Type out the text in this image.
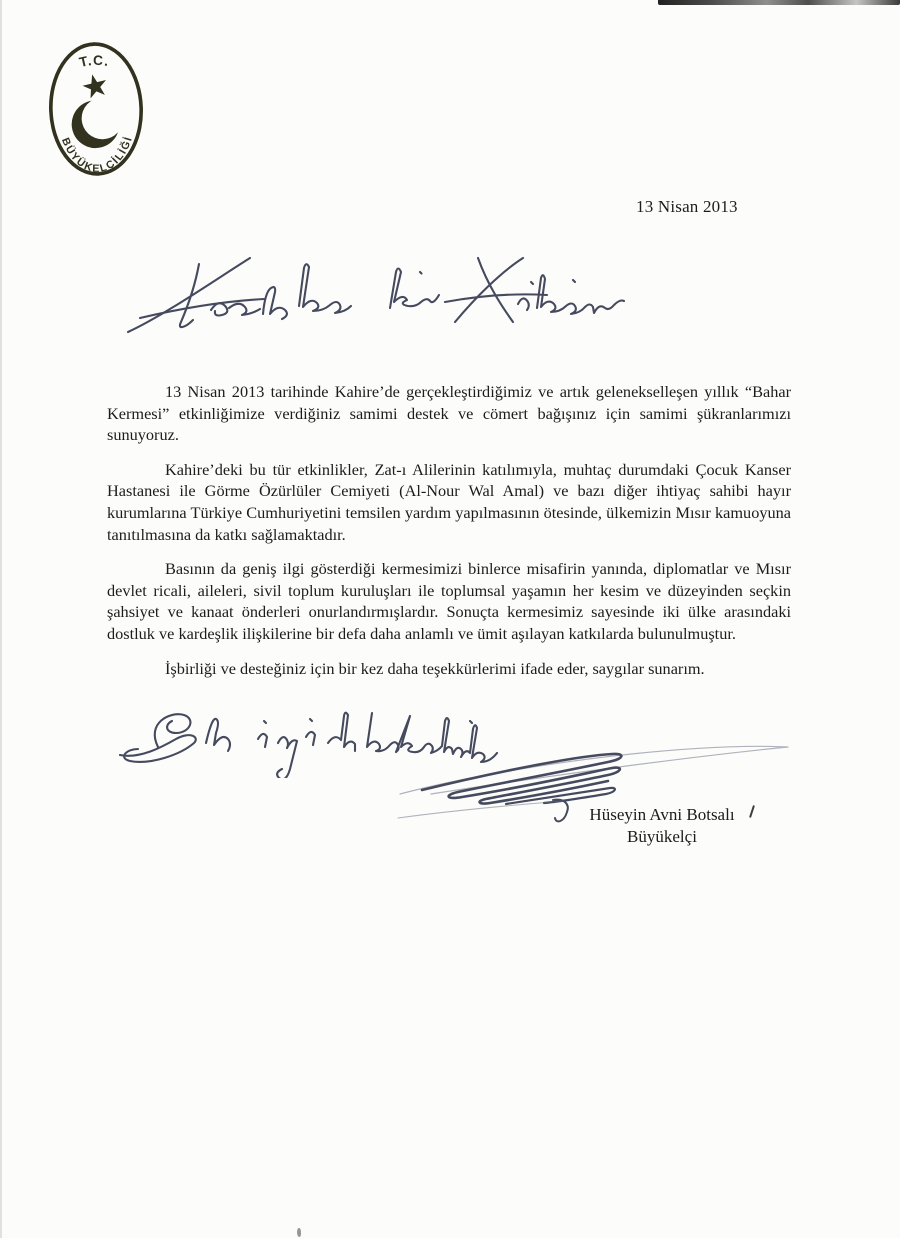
T.C.
BÜYÜKELÇİLİĞİ
13 Nisan 2013

13 Nisan 2013 tarihinde Kahire’de gerçekleştirdiğimiz ve artık gelenekselleşen yıllık “Bahar Kermesi” etkinliğimize verdiğiniz samimi destek ve cömert bağışınız için samimi şükranlarımızı sunuyoruz.

Kahire’deki bu tür etkinlikler, Zat-ı Alilerinin katılımıyla, muhtaç durumdaki Çocuk Kanser Hastanesi ile Görme Özürlüler Cemiyeti (Al-Nour Wal Amal) ve bazı diğer ihtiyaç sahibi hayır kurumlarına Türkiye Cumhuriyetini temsilen yardım yapılmasının ötesinde, ülkemizin Mısır kamuoyuna tanıtılmasına da katkı sağlamaktadır.

Basının da geniş ilgi gösterdiği kermesimizi binlerce misafirin yanında, diplomatlar ve Mısır devlet ricali, aileleri, sivil toplum kuruluşları ile toplumsal yaşamın her kesim ve düzeyinden seçkin şahsiyet ve kanaat önderleri onurlandırmışlardır. Sonuçta kermesimiz sayesinde iki ülke arasındaki dostluk ve kardeşlik ilişkilerine bir defa daha anlamlı ve ümit aşılayan katkılarda bulunulmuştur.

İşbirliği ve desteğiniz için bir kez daha teşekkürlerimi ifade eder, saygılar sunarım.

Hüseyin Avni Botsalı
Büyükelçi
